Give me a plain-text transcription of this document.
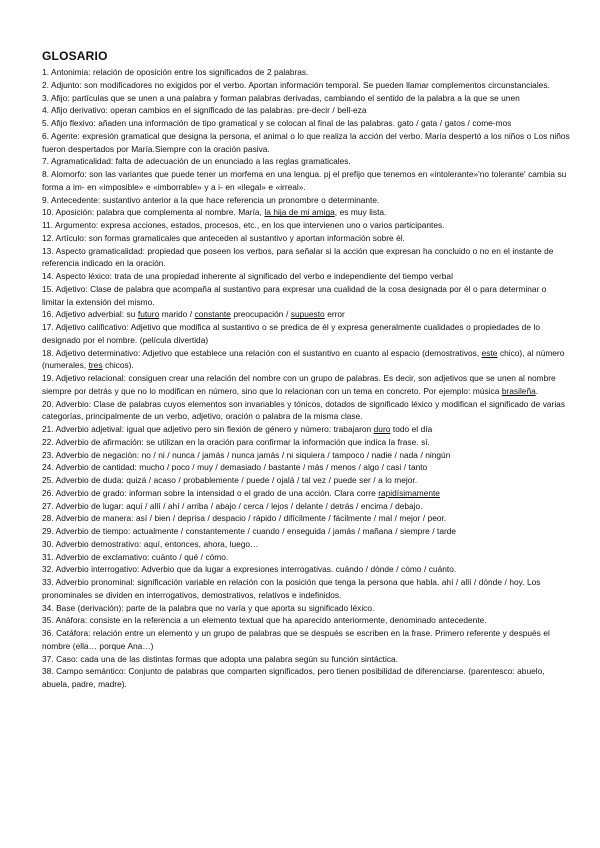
GLOSARIO

1. Antonimia: relación de oposición entre los significados de 2 palabras.

2. Adjunto: son modificadores no exigidos por el verbo. Aportan información temporal. Se pueden llamar complementos circunstanciales.

3. Afijo: partículas que se unen a una palabra y forman palabras derivadas, cambiando el sentido de la palabra a la que se unen

4. Afijo derivativo: operan cambios en el significado de las palabras. pre-decir / bell-eza

5. Afijo flexivo: añaden una información de tipo gramatical y se colocan al final de las palabras. gato / gata / gatos / come-mos

6. Agente: expresión gramatical que designa la persona, el animal o lo que realiza la acción del verbo. María despertó a los niños o Los niños fueron despertados por María.Siempre con la oración pasiva.

7. Agramaticalidad: falta de adecuación de un enunciado a las reglas gramaticales.

8. Alomorfo: son las variantes que puede tener un morfema en una lengua. pj el prefijo que tenemos en «intolerante»'no tolerante' cambia su forma a im- en «imposible» e «imborrable» y a i- en «ilegal» e «irreal».

9. Antecedente: sustantivo anterior a la que hace referencia un pronombre o determinante.

10. Aposición: palabra que complementa al nombre. María, la hija de mi amiga, es muy lista.

11. Argumento: expresa acciones, estados, procesos, etc., en los que intervienen uno o varios participantes.

12. Artículo: son formas gramaticales que anteceden al sustantivo y aportan información sobre él.

13. Aspecto gramaticalidad: propiedad que poseen los verbos, para señalar si la acción que expresan ha concluido o no en el instante de referencia indicado en la oración.

14. Aspecto léxico: trata de una propiedad inherente al significado del verbo e independiente del tiempo verbal

15. Adjetivo: Clase de palabra que acompaña al sustantivo para expresar una cualidad de la cosa designada por él o para determinar o limitar la extensión del mismo.

16. Adjetivo adverbial: su futuro marido / constante preocupación / supuesto error

17. Adjetivo calificativo: Adjetivo que modifica al sustantivo o se predica de él y expresa generalmente cualidades o propiedades de lo designado por el nombre. (película divertida)

18. Adjetivo determinativo: Adjetivo que establece una relación con el sustantivo en cuanto al espacio (demostrativos, este chico), al número (numerales, tres chicos).

19. Adjetivo relacional: consiguen crear una relación del nombre con un grupo de palabras. Es decir, son adjetivos que se unen al nombre siempre por detrás y que no lo modifican en número, sino que lo relacionan con un tema en concreto. Por ejemplo: música brasileña.

20. Adverbio: Clase de palabras cuyos elementos son invariables y tónicos, dotados de significado léxico y modifican el significado de varias categorías, principalmente de un verbo, adjetivo, oración o palabra de la misma clase.

21. Adverbio adjetival: igual que adjetivo pero sin flexión de género y número: trabajaron duro todo el día

22. Adverbio de afirmación: se utilizan en la oración para confirmar la información que indica la frase. sí.

23. Adverbio de negación: no / ni / nunca / jamás / nunca jamás / ni siquiera / tampoco / nadie / nada / ningún

24. Adverbio de cantidad: mucho / poco / muy / demasiado / bastante / más / menos / algo / casi / tanto

25. Adverbio de duda: quizá / acaso / probablemente / puede / ojalá / tal vez / puede ser / a lo mejor.

26. Adverbio de grado: informan sobre la intensidad o el grado de una acción. Clara corre rapidísimamente

27. Adverbio de lugar: aquí / allí / ahí / arriba / abajo / cerca / lejos / delante / detrás / encima / debajo.

28. Adverbio de manera: así / bien / deprisa / despacio / rápido / difícilmente / fácilmente / mal / mejor / peor.

29. Adverbio de tiempo: actualmente / constantemente / cuando / enseguida / jamás / mañana / siempre / tarde

30. Adverbio demostrativo: aquí, entonces, ahora, luego…

31. Adverbio de exclamativo: cuánto / qué / cómo.

32. Adverbio interrogativo: Adverbio que da lugar a expresiones interrogativas. cuándo / dónde / cómo / cuánto.

33. Adverbio pronominal: significación variable en relación con la posición que tenga la persona que habla. ahí / allí / dónde / hoy. Los pronominales se dividen en interrogativos, demostrativos, relativos e indefinidos.

34. Base (derivación): parte de la palabra que no varía y que aporta su significado léxico.

35. Anáfora: consiste en la referencia a un elemento textual que ha aparecido anteriormente, denominado antecedente.

36. Catáfora: relación entre un elemento y un grupo de palabras que se después se escriben en la frase. Primero referente y después el nombre (ella… porque Ana…)

37. Caso: cada una de las distintas formas que adopta una palabra según su función sintáctica.

38. Campo semántico: Conjunto de palabras que comparten significados, pero tienen posibilidad de diferenciarse. (parentesco: abuelo, abuela, padre, madre).
